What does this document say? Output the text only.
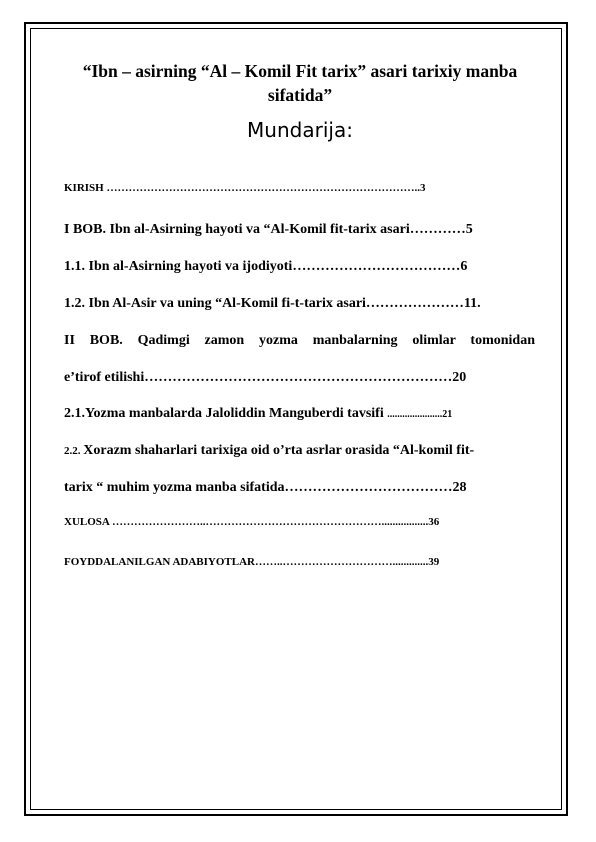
“Ibn – asirning “Al – Komil Fit tarix” asari tarixiy manba sifatida”
Mundarija:
KIRISH …………………………………………………………………………..3
I BOB. Ibn al-Asirning hayoti va “Al-Komil fit-tarix asari…………5
1.1. Ibn al-Asirning hayoti va ijodiyoti………………………………6
1.2. Ibn Al-Asir va uning “Al-Komil fi-t-tarix asari…………………11.
II BOB. Qadimgi zamon yozma manbalarning olimlar tomonidan
e’tirof etilishi…………………………………………………………20
2.1.Yozma manbalarda Jaloliddin Manguberdi tavsifi ......................21
2.2. Xorazm shaharlari tarixiga oid o’rta asrlar orasida “Al-komil fit-
tarix “ muhim yozma manba sifatida………………………………28
XULOSA ……………………..………………………………………….................36
FOYDDALANILGAN ADABIYOTLAR……..………………………….............39
